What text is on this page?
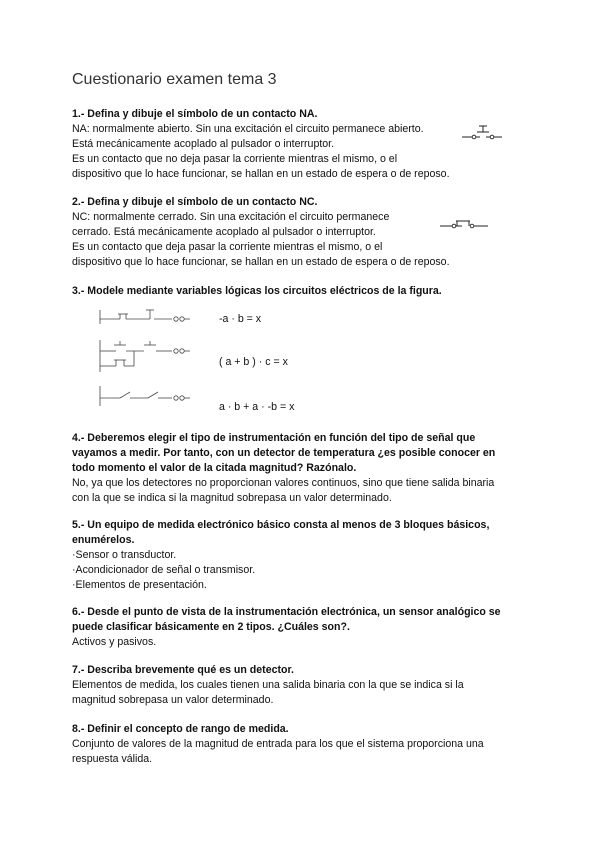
Cuestionario examen tema 3
1.- Defina y dibuje el símbolo de un contacto NA.
NA: normalmente abierto. Sin una excitación el circuito permanece abierto.
Está mecánicamente acoplado al pulsador o interruptor.
Es un contacto que no deja pasar la corriente mientras el mismo, o el
dispositivo que lo hace funcionar, se hallan en un estado de espera o de reposo.
2.- Defina y dibuje el símbolo de un contacto NC.
NC: normalmente cerrado. Sin una excitación el circuito permanece
cerrado. Está mecánicamente acoplado al pulsador o interruptor.
Es un contacto que deja pasar la corriente mientras el mismo, o el
dispositivo que lo hace funcionar, se hallan en un estado de espera o de reposo.
3.- Modele mediante variables lógicas los circuitos eléctricos de la figura.
-a · b = x
( a + b ) · c = x
a · b + a · -b = x
4.- Deberemos elegir el tipo de instrumentación en función del tipo de señal que
vayamos a medir. Por tanto, con un detector de temperatura ¿es posible conocer en
todo momento el valor de la citada magnitud? Razónalo.
No, ya que los detectores no proporcionan valores continuos, sino que tiene salida binaria
con la que se indica si la magnitud sobrepasa un valor determinado.
5.- Un equipo de medida electrónico básico consta al menos de 3 bloques básicos,
enumérelos.
·Sensor o transductor.
·Acondicionador de señal o transmisor.
·Elementos de presentación.
6.- Desde el punto de vista de la instrumentación electrónica, un sensor analógico se
puede clasificar básicamente en 2 tipos. ¿Cuáles son?.
Activos y pasivos.
7.- Describa brevemente qué es un detector.
Elementos de medida, los cuales tienen una salida binaria con la que se indica si la
magnitud sobrepasa un valor determinado.
8.- Definir el concepto de rango de medida.
Conjunto de valores de la magnitud de entrada para los que el sistema proporciona una
respuesta válida.
